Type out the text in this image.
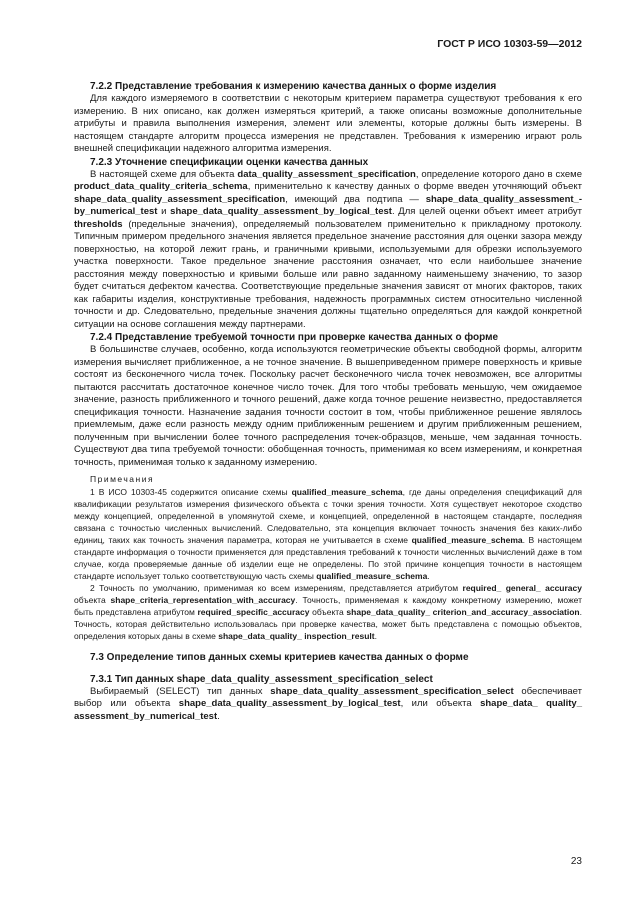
ГОСТ Р ИСО 10303-59—2012

7.2.2 Представление требования к измерению качества данных о форме изделия

Для каждого измеряемого в соответствии с некоторым критерием параметра существуют требования к его измерению. В них описано, как должен измеряться критерий, а также описаны возможные дополнительные атрибуты и правила выполнения измерения, элемент или элементы, которые должны быть измерены. В настоящем стандарте алгоритм процесса измерения не представлен. Требования к измерению играют роль внешней спецификации надежного алгоритма измерения.

7.2.3 Уточнение спецификации оценки качества данных

В настоящей схеме для объекта data_quality_assessment_specification, определение которого дано в схеме product_data_quality_criteria_schema, применительно к качеству данных о форме введен уточняющий объект shape_data_quality_assessment_specification, имеющий два подтипа — shape_data_quality_assessment_-by_numerical_test и shape_data_quality_assessment_by_logical_test. Для целей оценки объект имеет атрибут thresholds (предельные значения), определяемый пользователем применительно к прикладному протоколу. Типичным примером предельного значения является предельное значение расстояния для оценки зазора между поверхностью, на которой лежит грань, и граничными кривыми, используемыми для обрезки используемого участка поверхности. Такое предельное значение расстояния означает, что если наибольшее значение расстояния между поверхностью и кривыми больше или равно заданному наименьшему значению, то зазор будет считаться дефектом качества. Соответствующие предельные значения зависят от многих факторов, таких как габариты изделия, конструктивные требования, надежность программных систем относительно численной точности и др. Следовательно, предельные значения должны тщательно определяться для каждой конкретной ситуации на основе соглашения между партнерами.

7.2.4 Представление требуемой точности при проверке качества данных о форме

В большинстве случаев, особенно, когда используются геометрические объекты свободной формы, алгоритм измерения вычисляет приближенное, а не точное значение. В вышеприведенном примере поверхность и кривые состоят из бесконечного числа точек. Поскольку расчет бесконечного числа точек невозможен, все алгоритмы пытаются рассчитать достаточное конечное число точек. Для того чтобы требовать меньшую, чем ожидаемое значение, разность приближенного и точного решений, даже когда точное решение неизвестно, предоставляется спецификация точности. Назначение задания точности состоит в том, чтобы приближенное решение являлось приемлемым, даже если разность между одним приближенным решением и другим приближенным решением, полученным при вычислении более точного распределения точек-образцов, меньше, чем заданная точность. Существуют два типа требуемой точности: обобщенная точность, применимая ко всем измерениям, и конкретная точность, применимая только к заданному измерению.

Примечания

1 В ИСО 10303-45 содержится описание схемы qualified_measure_schema, где даны определения спецификаций для квалификации результатов измерения физического объекта с точки зрения точности. Хотя существует некоторое сходство между концепцией, определенной в упомянутой схеме, и концепцией, определенной в настоящем стандарте, последняя связана с точностью численных вычислений. Следовательно, эта концепция включает точность значения без каких-либо единиц, таких как точность значения параметра, которая не учитывается в схеме qualified_measure_schema. В настоящем стандарте информация о точности применяется для представления требований к точности численных вычислений даже в том случае, когда проверяемые данные об изделии еще не определены. По этой причине концепция точности в настоящем стандарте использует только соответствующую часть схемы qualified_measure_schema.

2 Точность по умолчанию, применимая ко всем измерениям, представляется атрибутом required_ general_ accuracy объекта shape_criteria_representation_with_accuracy. Точность, применяемая к каждому конкретному измерению, может быть представлена атрибутом required_specific_accuracy объекта shape_data_quality_ criterion_and_accuracy_association. Точность, которая действительно использовалась при проверке качества, может быть представлена с помощью объектов, определения которых даны в схеме shape_data_quality_ inspection_result.

7.3 Определение типов данных схемы критериев качества данных о форме

7.3.1 Тип данных shape_data_quality_assessment_specification_select

Выбираемый (SELECT) тип данных shape_data_quality_assessment_specification_select обеспечивает выбор или объекта shape_data_quality_assessment_by_logical_test, или объекта shape_data_ quality_ assessment_by_numerical_test.

23
